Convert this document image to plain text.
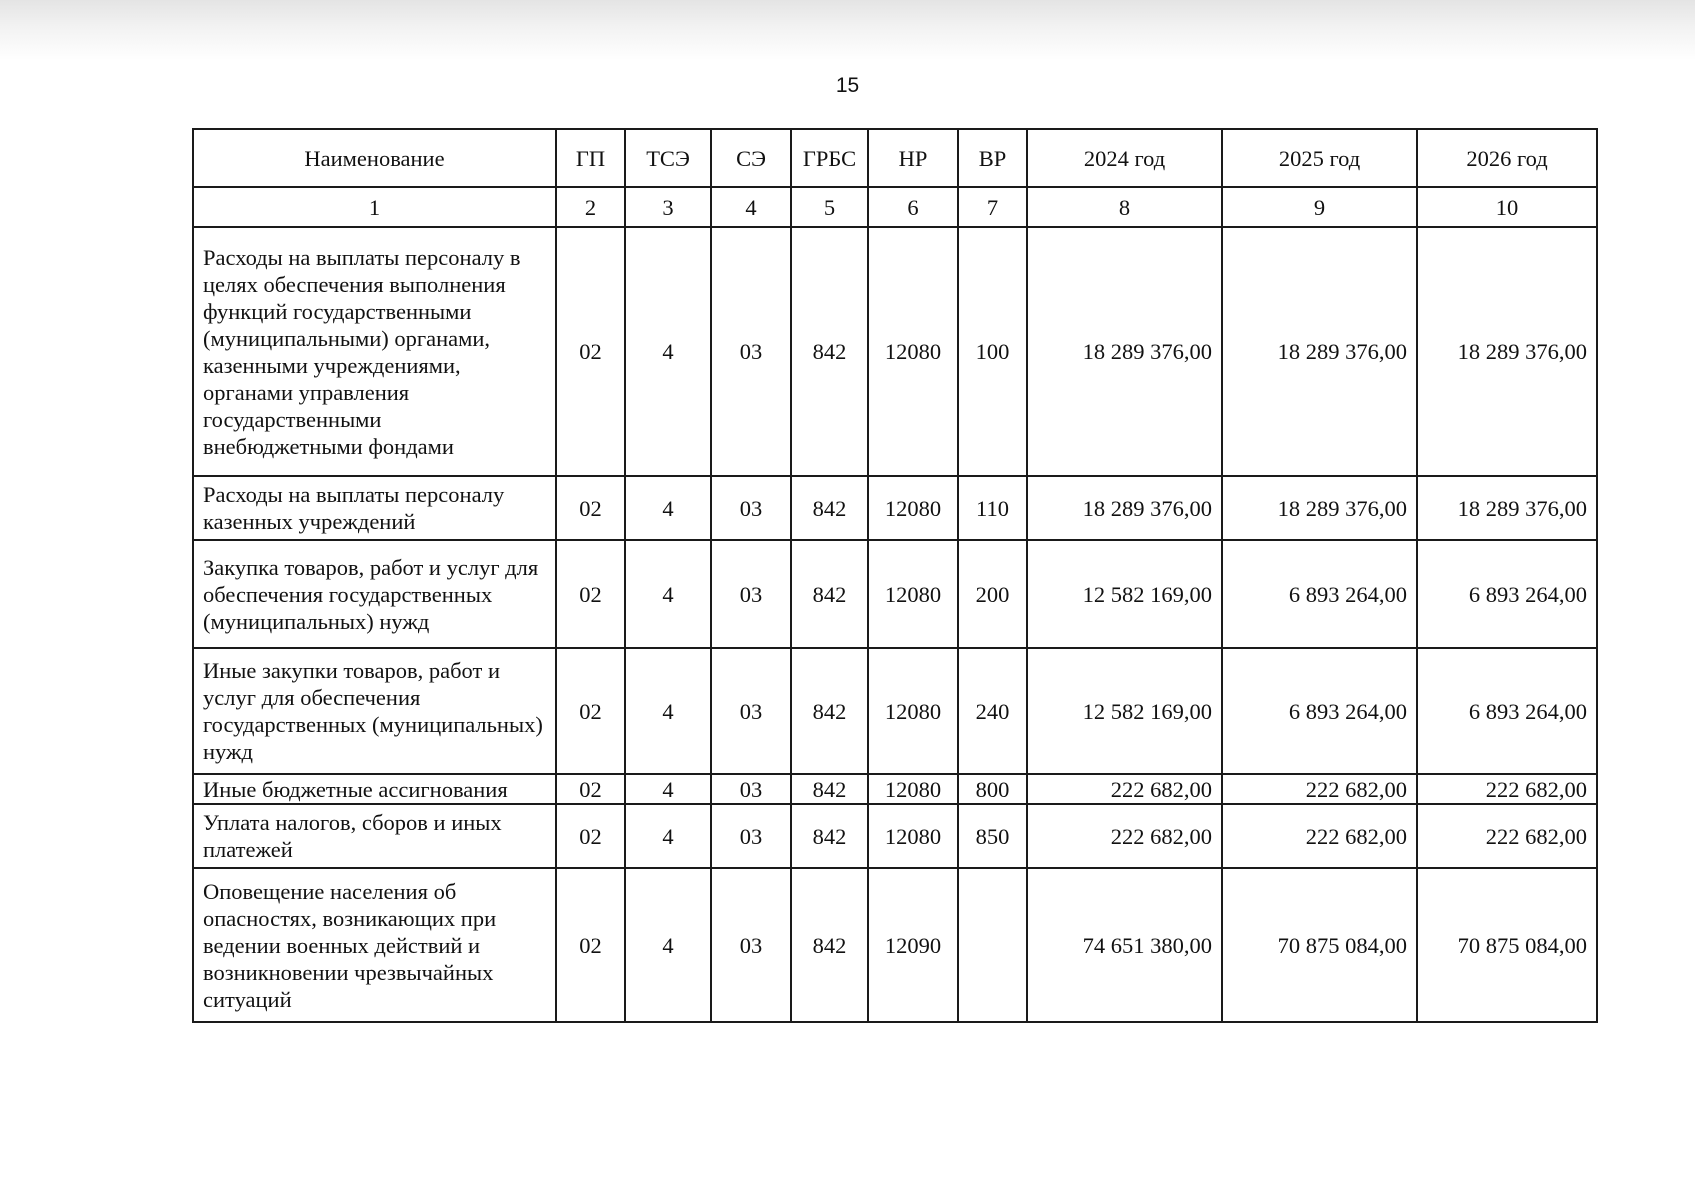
15
Наименование	ГП	ТСЭ	СЭ	ГРБС	НР	ВР	2024 год	2025 год	2026 год
1	2	3	4	5	6	7	8	9	10
Расходы на выплаты персоналу в целях обеспечения выполнения функций государственными (муниципальными) органами, казенными учреждениями, органами управления государственными внебюджетными фондами	02	4	03	842	12080	100	18 289 376,00	18 289 376,00	18 289 376,00
Расходы на выплаты персоналу казенных учреждений	02	4	03	842	12080	110	18 289 376,00	18 289 376,00	18 289 376,00
Закупка товаров, работ и услуг для обеспечения государственных (муниципальных) нужд	02	4	03	842	12080	200	12 582 169,00	6 893 264,00	6 893 264,00
Иные закупки товаров, работ и услуг для обеспечения государственных (муниципальных) нужд	02	4	03	842	12080	240	12 582 169,00	6 893 264,00	6 893 264,00
Иные бюджетные ассигнования	02	4	03	842	12080	800	222 682,00	222 682,00	222 682,00
Уплата налогов, сборов и иных платежей	02	4	03	842	12080	850	222 682,00	222 682,00	222 682,00
Оповещение населения об опасностях, возникающих при ведении военных действий и возникновении чрезвычайных ситуаций	02	4	03	842	12090		74 651 380,00	70 875 084,00	70 875 084,00
